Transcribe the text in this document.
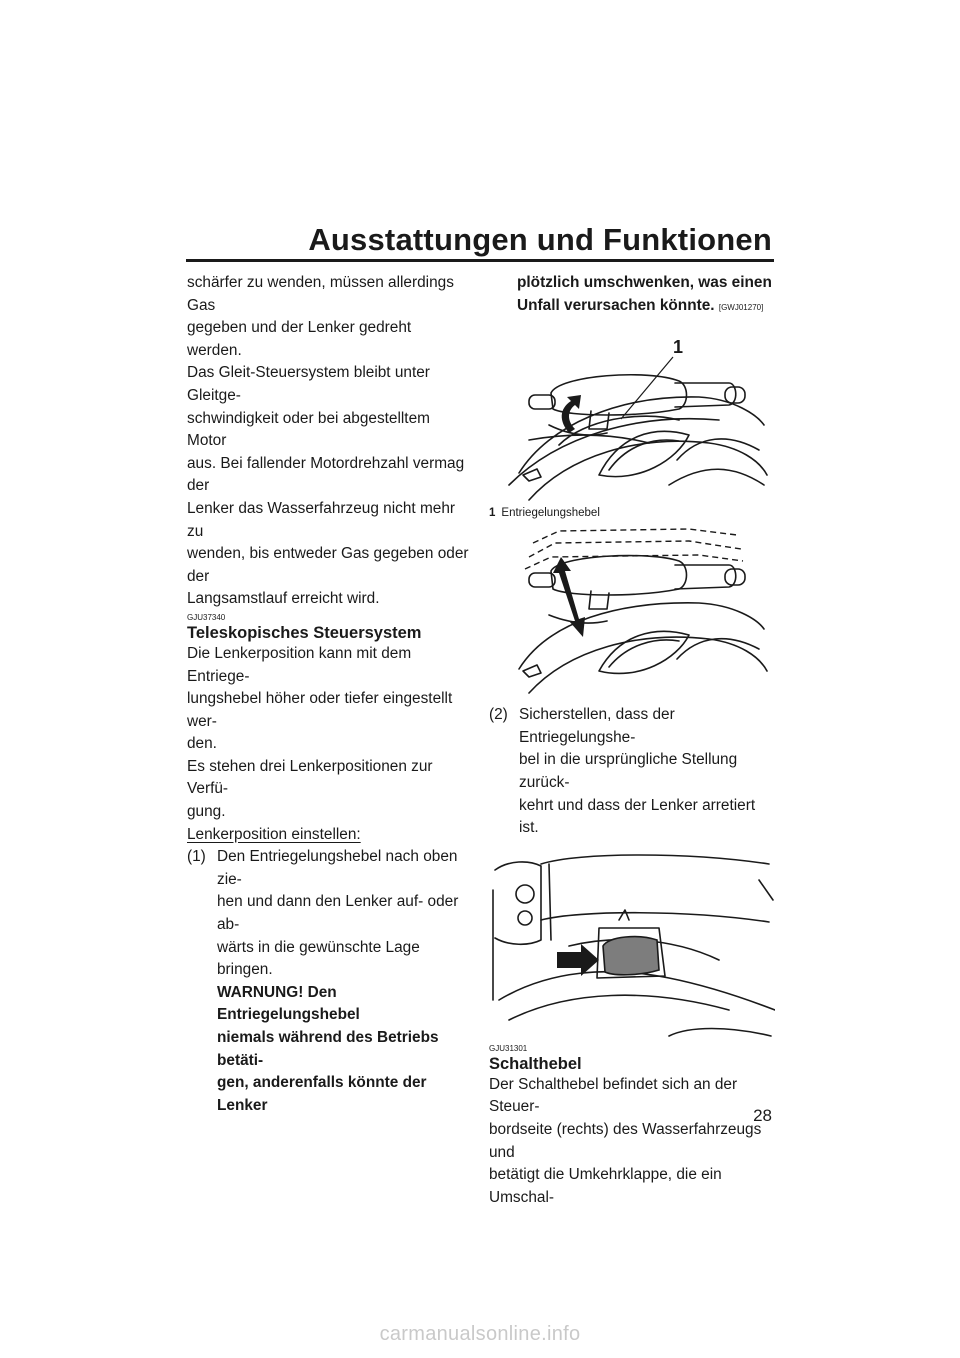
Ausstattungen und Funktionen

schärfer zu wenden, müssen allerdings Gas

gegeben und der Lenker gedreht werden.

Das Gleit-Steuersystem bleibt unter Gleitge-

schwindigkeit oder bei abgestelltem Motor

aus. Bei fallender Motordrehzahl vermag der

Lenker das Wasserfahrzeug nicht mehr zu

wenden, bis entweder Gas gegeben oder der

Langsamstlauf erreicht wird.

GJU37340
Teleskopisches Steuersystem

Die Lenkerposition kann mit dem Entriege-

lungshebel höher oder tiefer eingestellt wer-

den.

Es stehen drei Lenkerpositionen zur Verfü-

gung.

Lenkerposition einstellen:

(1) Den Entriegelungshebel nach oben zie-

hen und dann den Lenker auf- oder ab-

wärts in die gewünschte Lage bringen.

WARNUNG! Den Entriegelungshebel

niemals während des Betriebs betäti-

gen, anderenfalls könnte der Lenker

plötzlich umschwenken, was einen

Unfall verursachen könnte. [GWJ01270]

1

1 Entriegelungshebel

(2) Sicherstellen, dass der Entriegelungshe-

bel in die ursprüngliche Stellung zurück-

kehrt und dass der Lenker arretiert ist.

GJU31301
Schalthebel

Der Schalthebel befindet sich an der Steuer-

bordseite (rechts) des Wasserfahrzeugs und

betätigt die Umkehrklappe, die ein Umschal-

28
carmanualsonline.info
